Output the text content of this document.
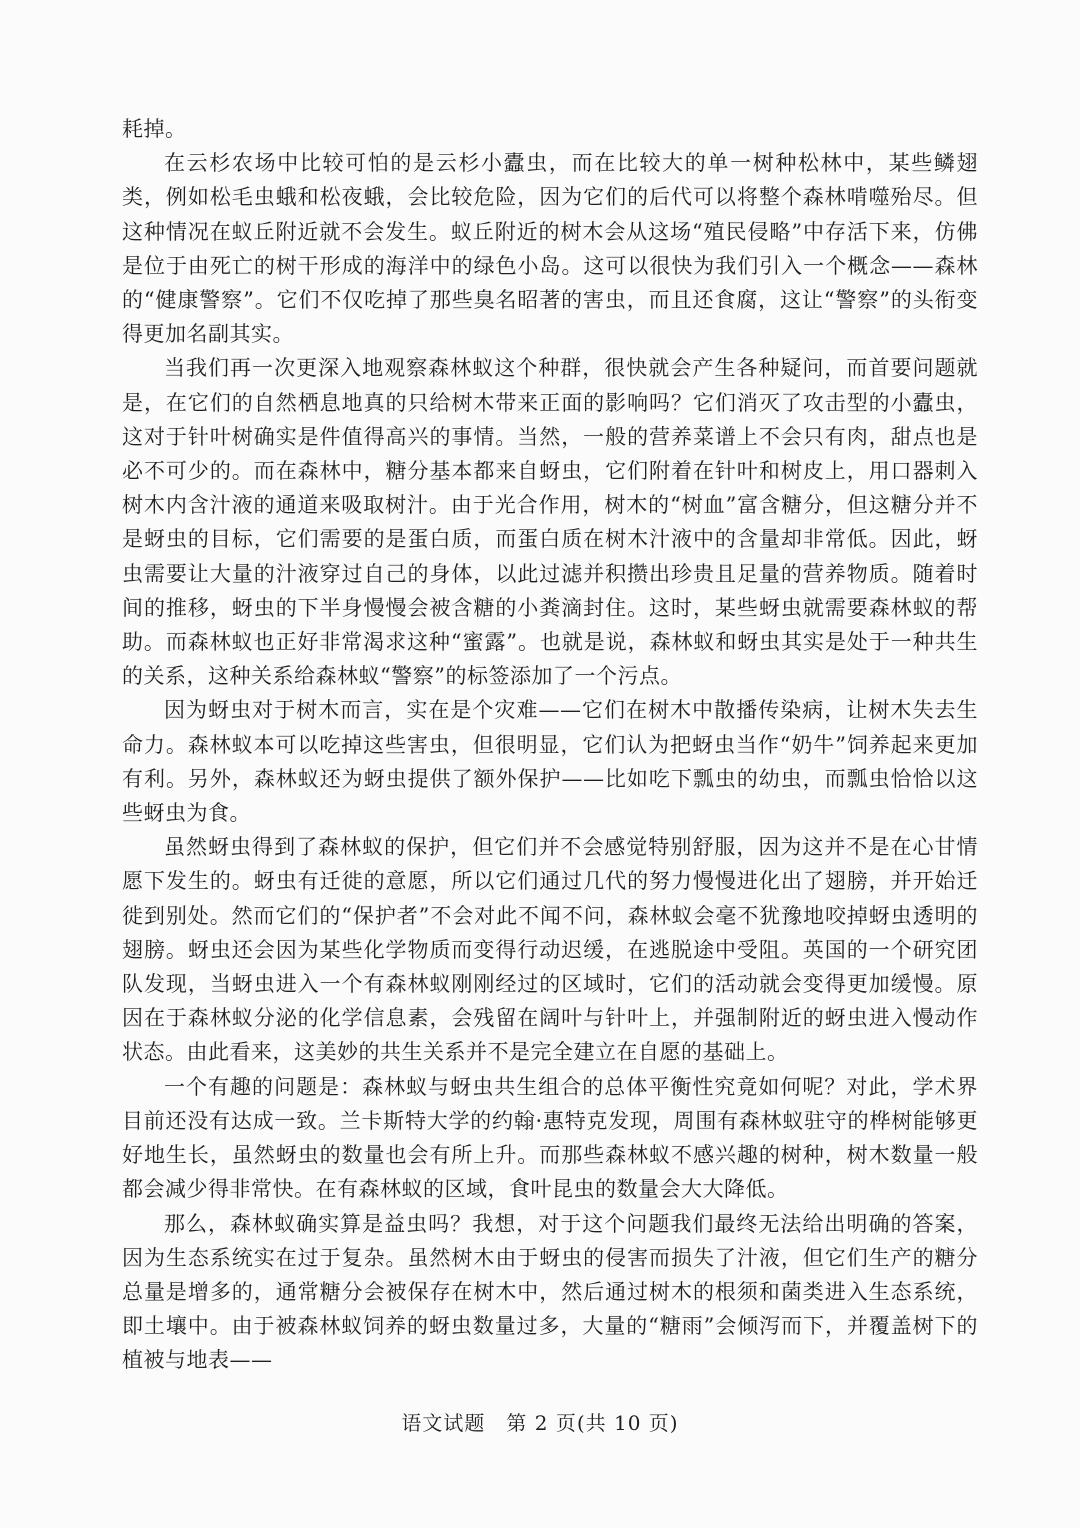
耗掉。

在云杉农场中比较可怕的是云杉小蠹虫，而在比较大的单一树种松林中，某些鳞翅类，例如松毛虫蛾和松夜蛾，会比较危险，因为它们的后代可以将整个森林啃噬殆尽。但这种情况在蚁丘附近就不会发生。蚁丘附近的树木会从这场“殖民侵略”中存活下来，仿佛是位于由死亡的树干形成的海洋中的绿色小岛。这可以很快为我们引入一个概念——森林的“健康警察”。它们不仅吃掉了那些臭名昭著的害虫，而且还食腐，这让“警察”的头衔变得更加名副其实。

当我们再一次更深入地观察森林蚁这个种群，很快就会产生各种疑问，而首要问题就是，在它们的自然栖息地真的只给树木带来正面的影响吗？它们消灭了攻击型的小蠹虫，这对于针叶树确实是件值得高兴的事情。当然，一般的营养菜谱上不会只有肉，甜点也是必不可少的。而在森林中，糖分基本都来自蚜虫，它们附着在针叶和树皮上，用口器刺入树木内含汁液的通道来吸取树汁。由于光合作用，树木的“树血”富含糖分，但这糖分并不是蚜虫的目标，它们需要的是蛋白质，而蛋白质在树木汁液中的含量却非常低。因此，蚜虫需要让大量的汁液穿过自己的身体，以此过滤并积攒出珍贵且足量的营养物质。随着时间的推移，蚜虫的下半身慢慢会被含糖的小粪滴封住。这时，某些蚜虫就需要森林蚁的帮助。而森林蚁也正好非常渴求这种“蜜露”。也就是说，森林蚁和蚜虫其实是处于一种共生的关系，这种关系给森林蚁“警察”的标签添加了一个污点。

因为蚜虫对于树木而言，实在是个灾难——它们在树木中散播传染病，让树木失去生命力。森林蚁本可以吃掉这些害虫，但很明显，它们认为把蚜虫当作“奶牛”饲养起来更加有利。另外，森林蚁还为蚜虫提供了额外保护——比如吃下瓢虫的幼虫，而瓢虫恰恰以这些蚜虫为食。

虽然蚜虫得到了森林蚁的保护，但它们并不会感觉特别舒服，因为这并不是在心甘情愿下发生的。蚜虫有迁徙的意愿，所以它们通过几代的努力慢慢进化出了翅膀，并开始迁徙到别处。然而它们的“保护者”不会对此不闻不问，森林蚁会毫不犹豫地咬掉蚜虫透明的翅膀。蚜虫还会因为某些化学物质而变得行动迟缓，在逃脱途中受阻。英国的一个研究团队发现，当蚜虫进入一个有森林蚁刚刚经过的区域时，它们的活动就会变得更加缓慢。原因在于森林蚁分泌的化学信息素，会残留在阔叶与针叶上，并强制附近的蚜虫进入慢动作状态。由此看来，这美妙的共生关系并不是完全建立在自愿的基础上。

一个有趣的问题是：森林蚁与蚜虫共生组合的总体平衡性究竟如何呢？对此，学术界目前还没有达成一致。兰卡斯特大学的约翰·惠特克发现，周围有森林蚁驻守的桦树能够更好地生长，虽然蚜虫的数量也会有所上升。而那些森林蚁不感兴趣的树种，树木数量一般都会减少得非常快。在有森林蚁的区域，食叶昆虫的数量会大大降低。

那么，森林蚁确实算是益虫吗？我想，对于这个问题我们最终无法给出明确的答案，因为生态系统实在过于复杂。虽然树木由于蚜虫的侵害而损失了汁液，但它们生产的糖分总量是增多的，通常糖分会被保存在树木中，然后通过树木的根须和菌类进入生态系统，即土壤中。由于被森林蚁饲养的蚜虫数量过多，大量的“糖雨”会倾泻而下，并覆盖树下的植被与地表——

语文试题　第 2 页(共 10 页)
